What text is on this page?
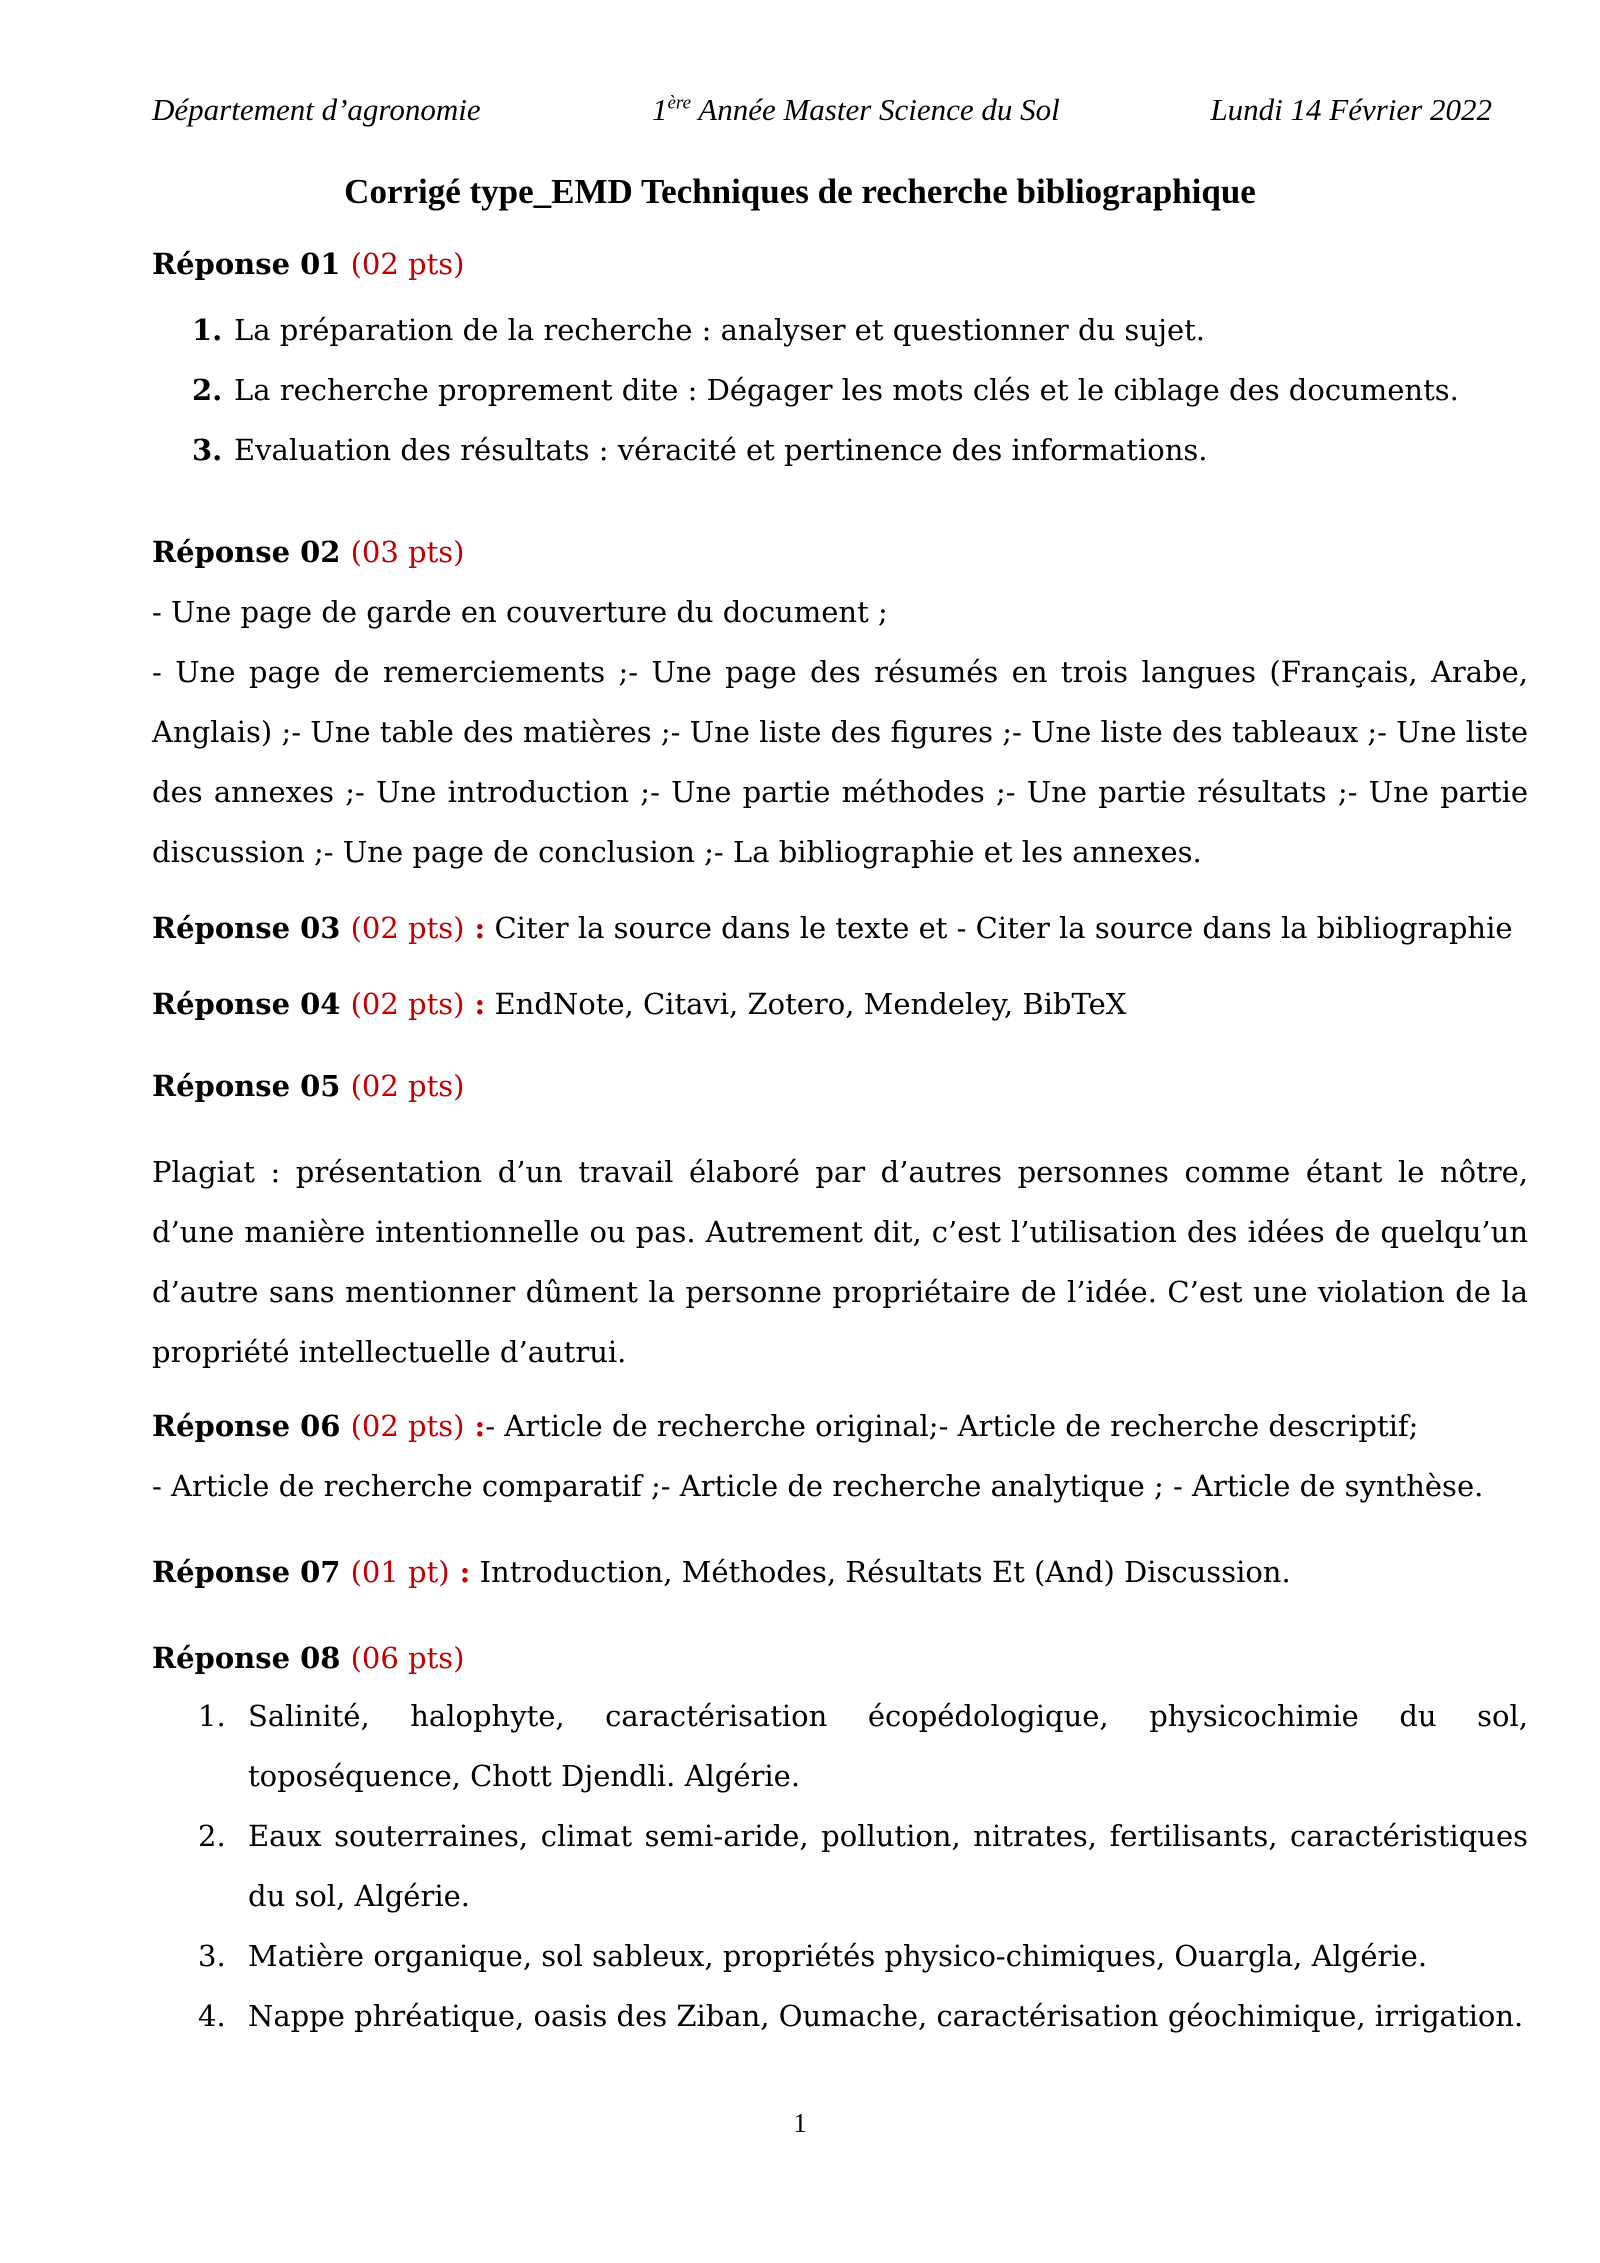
Département d’agronomie	1ère Année Master Science du Sol	Lundi 14 Février 2022
Corrigé type_EMD Techniques de recherche bibliographique

Réponse 01 (02 pts)

1. La préparation de la recherche : analyser et questionner du sujet.
2. La recherche proprement dite : Dégager les mots clés et le ciblage des documents.
3. Evaluation des résultats : véracité et pertinence des informations.

Réponse 02 (03 pts)

- Une page de garde en couverture du document ;

- Une page de remerciements ;- Une page des résumés en trois langues (Français, Arabe, Anglais) ;- Une table des matières ;- Une liste des figures ;- Une liste des tableaux ;- Une liste des annexes ;- Une introduction ;- Une partie méthodes ;- Une partie résultats ;- Une partie discussion ;- Une page de conclusion ;- La bibliographie et les annexes.

Réponse 03 (02 pts) : Citer la source dans le texte et - Citer la source dans la bibliographie

Réponse 04 (02 pts) : EndNote, Citavi, Zotero, Mendeley, BibTeX

Réponse 05 (02 pts)

Plagiat : présentation d’un travail élaboré par d’autres personnes comme étant le nôtre, d’une manière intentionnelle ou pas. Autrement dit, c’est l’utilisation des idées de quelqu’un d’autre sans mentionner dûment la personne propriétaire de l’idée. C’est une violation de la propriété intellectuelle d’autrui.

Réponse 06 (02 pts) :- Article de recherche original;- Article de recherche descriptif;

- Article de recherche comparatif ;- Article de recherche analytique ; - Article de synthèse.

Réponse 07 (01 pt) : Introduction, Méthodes, Résultats Et (And) Discussion.

Réponse 08 (06 pts)

1. Salinité, halophyte, caractérisation écopédologique, physicochimie du sol, toposéquence, Chott Djendli. Algérie.
2. Eaux souterraines, climat semi-aride, pollution, nitrates, fertilisants, caractéristiques du sol, Algérie.
3. Matière organique, sol sableux, propriétés physico-chimiques, Ouargla, Algérie.
4. Nappe phréatique, oasis des Ziban, Oumache, caractérisation géochimique, irrigation.
1
